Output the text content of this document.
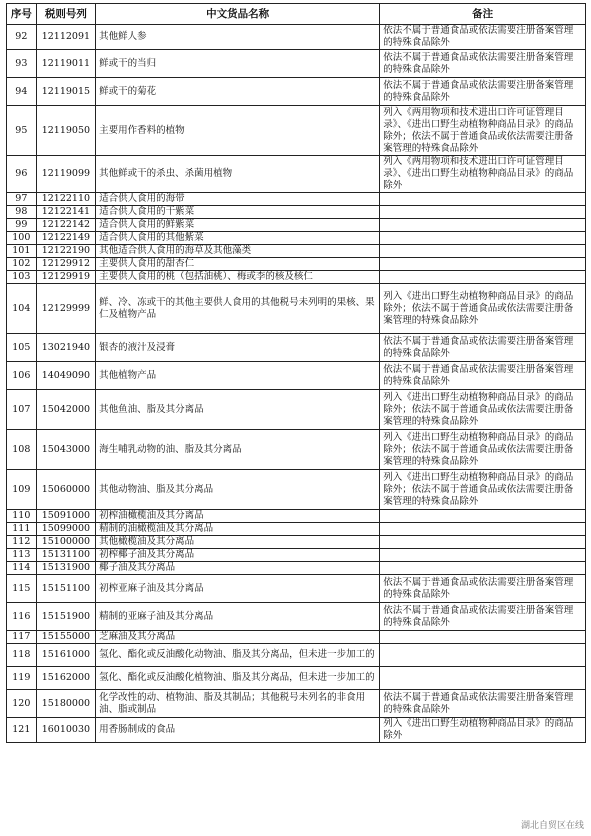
序号	税则号列	中文货品名称	备注
92	12112091	其他鲜人参	依法不属于普通食品或依法需要注册备案管理的特殊食品除外
93	12119011	鲜或干的当归	依法不属于普通食品或依法需要注册备案管理的特殊食品除外
94	12119015	鲜或干的菊花	依法不属于普通食品或依法需要注册备案管理的特殊食品除外
95	12119050	主要用作香料的植物	列入《两用物项和技术进出口许可证管理目录》、《进出口野生动植物种商品目录》的商品除外；依法不属于普通食品或依法需要注册备案管理的特殊食品除外
96	12119099	其他鲜或干的杀虫、杀菌用植物	列入《两用物项和技术进出口许可证管理目录》、《进出口野生动植物种商品目录》的商品除外
97	12122110	适合供人食用的海带	
98	12122141	适合供人食用的干紫菜	
99	12122142	适合供人食用的鲜紫菜	
100	12122149	适合供人食用的其他紫菜	
101	12122190	其他适合供人食用的海草及其他藻类	
102	12129912	主要供人食用的甜杏仁	
103	12129919	主要供人食用的桃（包括油桃）、梅或李的核及核仁	
104	12129999	鲜、冷、冻或干的其他主要供人食用的其他税号未列明的果核、果仁及植物产品	列入《进出口野生动植物种商品目录》的商品除外；依法不属于普通食品或依法需要注册备案管理的特殊食品除外
105	13021940	银杏的液汁及浸膏	依法不属于普通食品或依法需要注册备案管理的特殊食品除外
106	14049090	其他植物产品	依法不属于普通食品或依法需要注册备案管理的特殊食品除外
107	15042000	其他鱼油、脂及其分离品	列入《进出口野生动植物种商品目录》的商品除外；依法不属于普通食品或依法需要注册备案管理的特殊食品除外
108	15043000	海生哺乳动物的油、脂及其分离品	列入《进出口野生动植物种商品目录》的商品除外；依法不属于普通食品或依法需要注册备案管理的特殊食品除外
109	15060000	其他动物油、脂及其分离品	列入《进出口野生动植物种商品目录》的商品除外；依法不属于普通食品或依法需要注册备案管理的特殊食品除外
110	15091000	初榨油橄榄油及其分离品	
111	15099000	精制的油橄榄油及其分离品	
112	15100000	其他橄榄油及其分离品	
113	15131100	初榨椰子油及其分离品	
114	15131900	椰子油及其分离品	
115	15151100	初榨亚麻子油及其分离品	依法不属于普通食品或依法需要注册备案管理的特殊食品除外
116	15151900	精制的亚麻子油及其分离品	依法不属于普通食品或依法需要注册备案管理的特殊食品除外
117	15155000	芝麻油及其分离品	
118	15161000	氢化、酯化或反油酸化动物油、脂及其分离品，但未进一步加工的	
119	15162000	氢化、酯化或反油酸化植物油、脂及其分离品，但未进一步加工的	
120	15180000	化学改性的动、植物油、脂及其制品；其他税号未列名的非食用油、脂或制品	依法不属于普通食品或依法需要注册备案管理的特殊食品除外
121	16010030	用香肠制成的食品	列入《进出口野生动植物种商品目录》的商品除外
湖北自贸区在线
